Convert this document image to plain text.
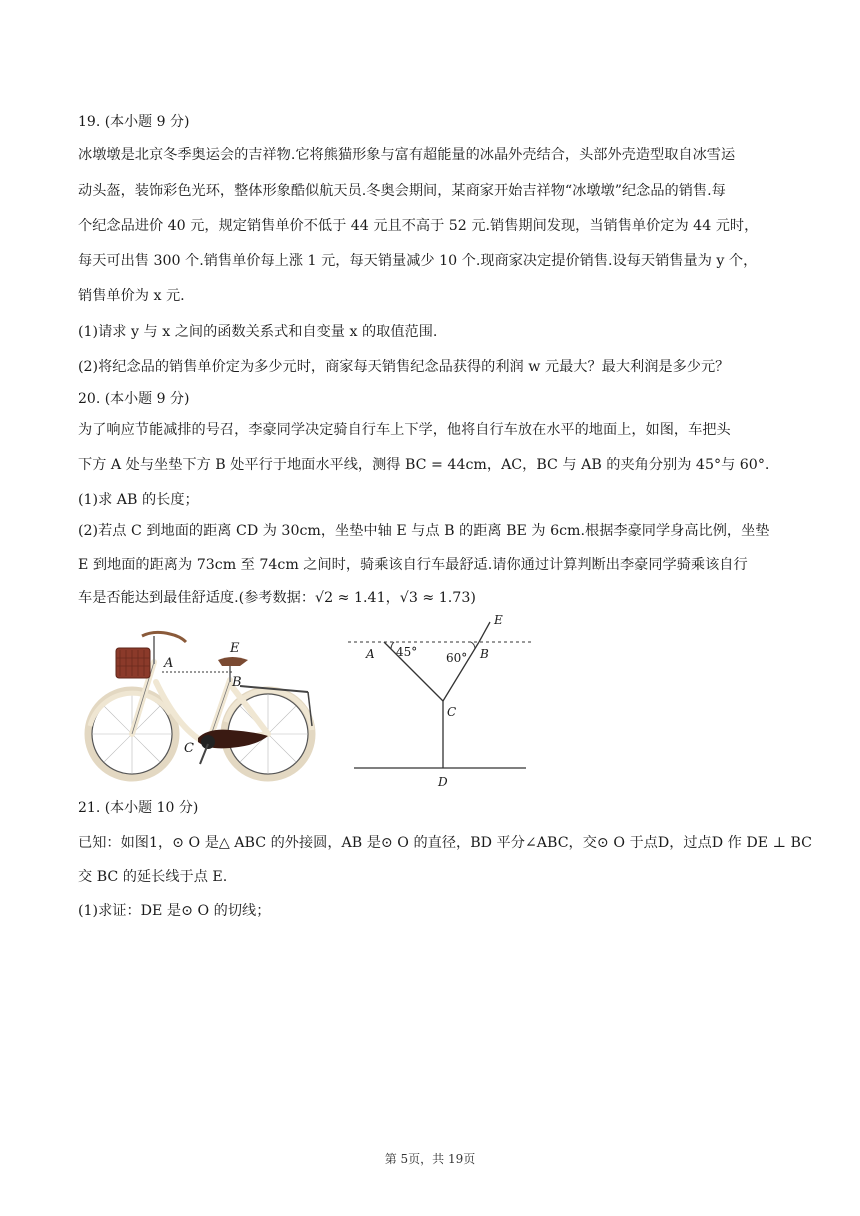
19. (本小题 9 分)
冰墩墩是北京冬季奥运会的吉祥物.它将熊猫形象与富有超能量的冰晶外壳结合，头部外壳造型取自冰雪运
动头盔，装饰彩色光环，整体形象酷似航天员.冬奥会期间，某商家开始吉祥物“冰墩墩”纪念品的销售.每
个纪念品进价 40 元，规定销售单价不低于 44 元且不高于 52 元.销售期间发现，当销售单价定为 44 元时，
每天可出售 300 个.销售单价每上涨 1 元，每天销量减少 10 个.现商家决定提价销售.设每天销售量为 y 个，
销售单价为 x 元.
(1)请求 y 与 x 之间的函数关系式和自变量 x 的取值范围.
(2)将纪念品的销售单价定为多少元时，商家每天销售纪念品获得的利润 w 元最大？最大利润是多少元？
20. (本小题 9 分)
为了响应节能减排的号召，李豪同学决定骑自行车上下学，他将自行车放在水平的地面上，如图，车把头
下方 A 处与坐垫下方 B 处平行于地面水平线，测得 BC = 44cm，AC，BC 与 AB 的夹角分别为 45°与 60°.
(1)求 AB 的长度；
(2)若点 C 到地面的距离 CD 为 30cm，坐垫中轴 E 与点 B 的距离 BE 为 6cm.根据李豪同学身高比例，坐垫
E 到地面的距离为 73cm 至 74cm 之间时，骑乘该自行车最舒适.请你通过计算判断出李豪同学骑乘该自行
车是否能达到最佳舒适度.(参考数据：√2 ≈ 1.41，√3 ≈ 1.73)
E
A
B
C
E
A	B
C
D
45° 60°
21. (本小题 10 分)
已知：如图1，⊙ O 是△ ABC 的外接圆，AB 是⊙ O 的直径，BD 平分∠ABC，交⊙ O 于点D，过点D 作 DE ⊥ BC
交 BC 的延长线于点 E.
(1)求证：DE 是⊙ O 的切线；
第 5页，共 19页
